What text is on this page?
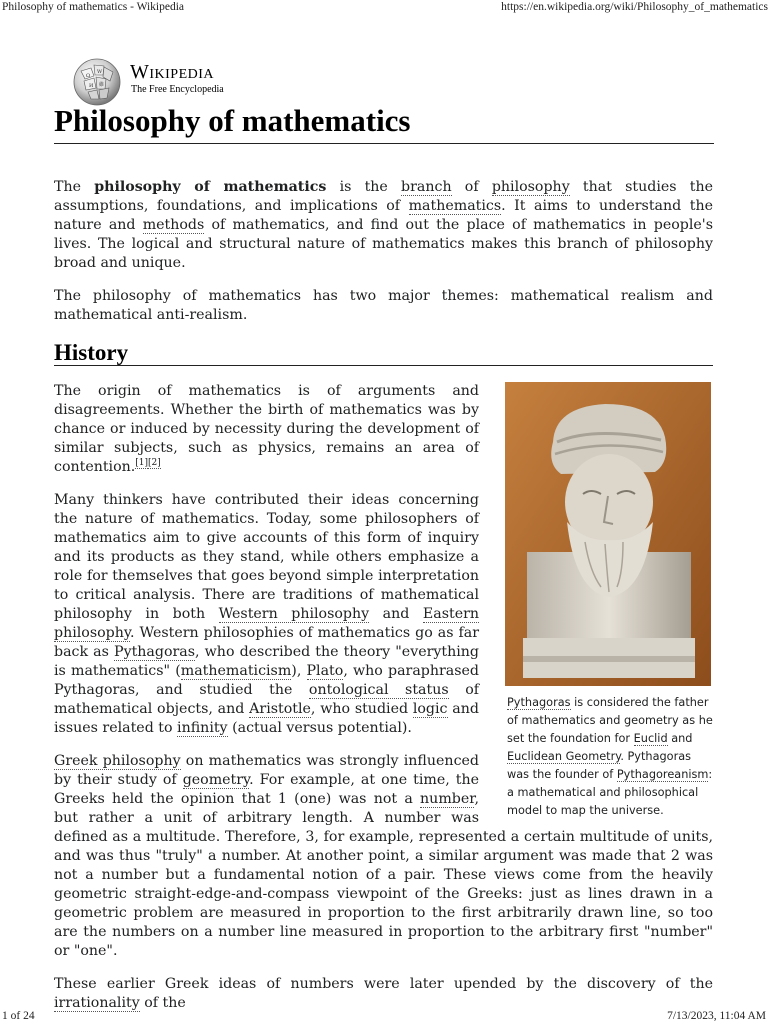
Philosophy of mathematics - Wikipedia	https://en.wikipedia.org/wiki/Philosophy_of_mathematics
Ω
W
И 維
Wikipedia
The Free Encyclopedia
Philosophy of mathematics

The philosophy of mathematics is the branch of philosophy that studies the assumptions, foundations, and implications of mathematics. It aims to understand the nature and methods of mathematics, and find out the place of mathematics in people's lives. The logical and structural nature of mathematics makes this branch of philosophy broad and unique.

The philosophy of mathematics has two major themes: mathematical realism and mathematical anti-realism.

History
Pythagoras is considered the father of mathematics and geometry as he set the foundation for Euclid and Euclidean Geometry. Pythagoras was the founder of Pythagoreanism: a mathematical and philosophical model to map the universe.

The origin of mathematics is of arguments and disagreements. Whether the birth of mathematics was by chance or induced by necessity during the development of similar subjects, such as physics, remains an area of contention.[1][2]

Many thinkers have contributed their ideas concerning the nature of mathematics. Today, some philosophers of mathematics aim to give accounts of this form of inquiry and its products as they stand, while others emphasize a role for themselves that goes beyond simple interpretation to critical analysis. There are traditions of mathematical philosophy in both Western philosophy and Eastern philosophy. Western philosophies of mathematics go as far back as Pythagoras, who described the theory "everything is mathematics" (mathematicism), Plato, who paraphrased Pythagoras, and studied the ontological status of mathematical objects, and Aristotle, who studied logic and issues related to infinity (actual versus potential).

Greek philosophy on mathematics was strongly influenced by their study of geometry. For example, at one time, the Greeks held the opinion that 1 (one) was not a number, but rather a unit of arbitrary length. A number was defined as a multitude. Therefore, 3, for example, represented a certain multitude of units, and was thus "truly" a number. At another point, a similar argument was made that 2 was not a number but a fundamental notion of a pair. These views come from the heavily geometric straight-edge-and-compass viewpoint of the Greeks: just as lines drawn in a geometric problem are measured in proportion to the first arbitrarily drawn line, so too are the numbers on a number line measured in proportion to the arbitrary first "number" or "one".

These earlier Greek ideas of numbers were later upended by the discovery of the irrationality of the

1 of 24	7/13/2023, 11:04 AM
